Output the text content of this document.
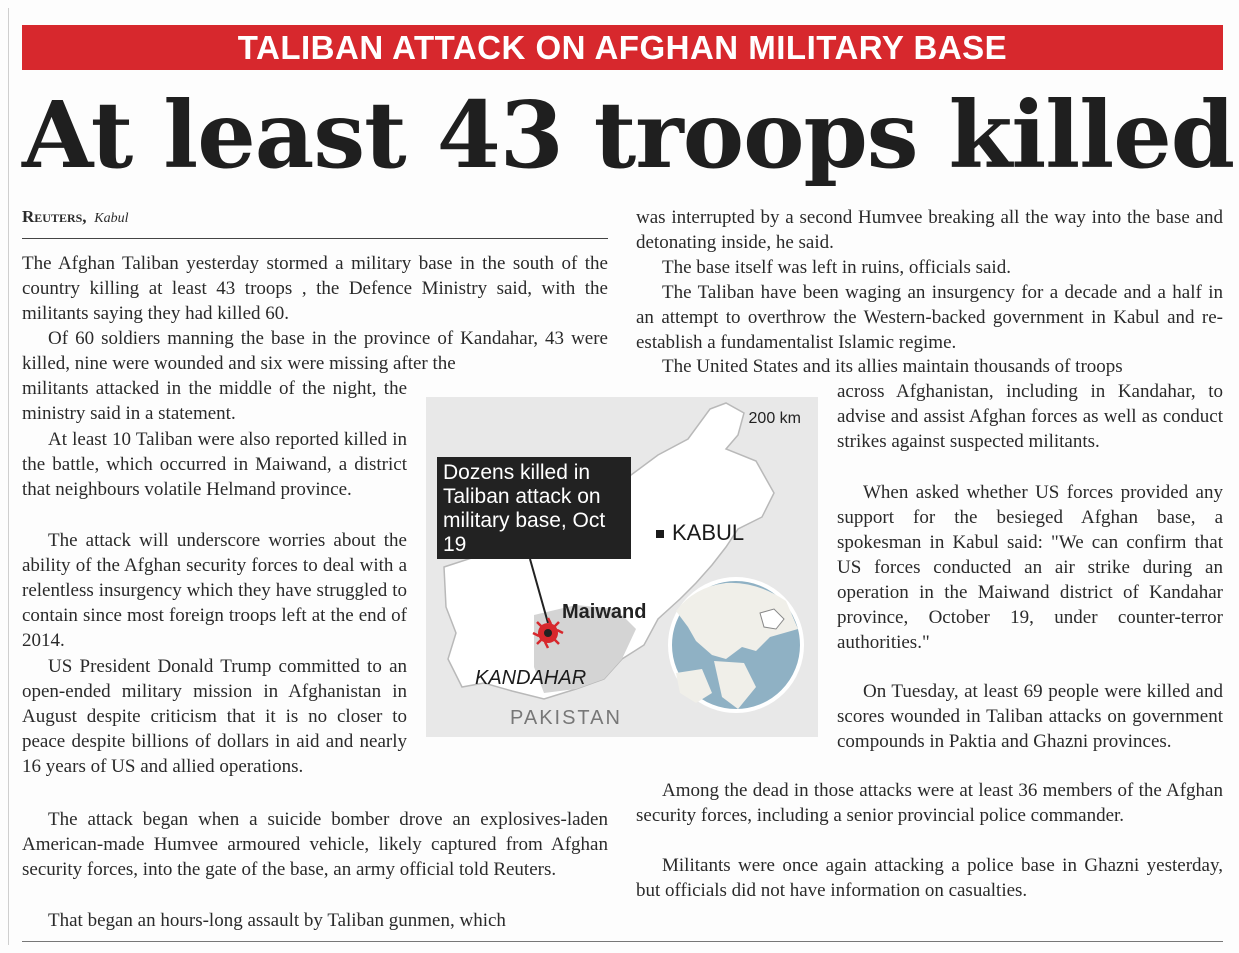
TALIBAN ATTACK ON AFGHAN MILITARY BASE
At least 43 troops killed
Reuters, Kabul

The Afghan Taliban yesterday stormed a military base in the south of the country killing at least 43 troops , the Defence Ministry said, with the militants saying they had killed 60.

Of 60 soldiers manning the base in the province of Kandahar, 43 were killed, nine were wounded and six were missing after the

militants attacked in the middle of the night, the ministry said in a statement.

At least 10 Taliban were also reported killed in the battle, which occurred in Maiwand, a district that neighbours volatile Helmand province.

The attack will underscore worries about the ability of the Afghan security forces to deal with a relentless insurgency which they have struggled to contain since most foreign troops left at the end of 2014.

US President Donald Trump committed to an open-ended military mission in Afghanistan in August despite criticism that it is no closer to peace despite billions of dollars in aid and nearly 16 years of US and allied operations.

The attack began when a suicide bomber drove an explosives-laden American-made Humvee armoured vehicle, likely captured from Afghan security forces, into the gate of the base, an army official told Reuters.

That began an hours-long assault by Taliban gunmen, which

was interrupted by a second Humvee breaking all the way into the base and detonating inside, he said.

The base itself was left in ruins, officials said.

The Taliban have been waging an insurgency for a decade and a half in an attempt to overthrow the Western-backed government in Kabul and re-establish a fundamentalist Islamic regime.

The United States and its allies maintain thousands of troops

across Afghanistan, including in Kandahar, to advise and assist Afghan forces as well as conduct strikes against suspected militants.

When asked whether US forces provided any support for the besieged Afghan base, a spokesman in Kabul said: "We can confirm that US forces conducted an air strike during an operation in the Maiwand district of Kandahar province, October 19, under counter-terror authorities."

On Tuesday, at least 69 people were killed and scores wounded in Taliban attacks on government compounds in Paktia and Ghazni provinces.

Among the dead in those attacks were at least 36 members of the Afghan security forces, including a senior provincial police commander.

Militants were once again attacking a police base in Ghazni yesterday, but officials did not have information on casualties.

Dozens killed in Taliban attack on military base, Oct 19
200 km
KABUL
Maiwand
KANDAHAR
PAKISTAN
